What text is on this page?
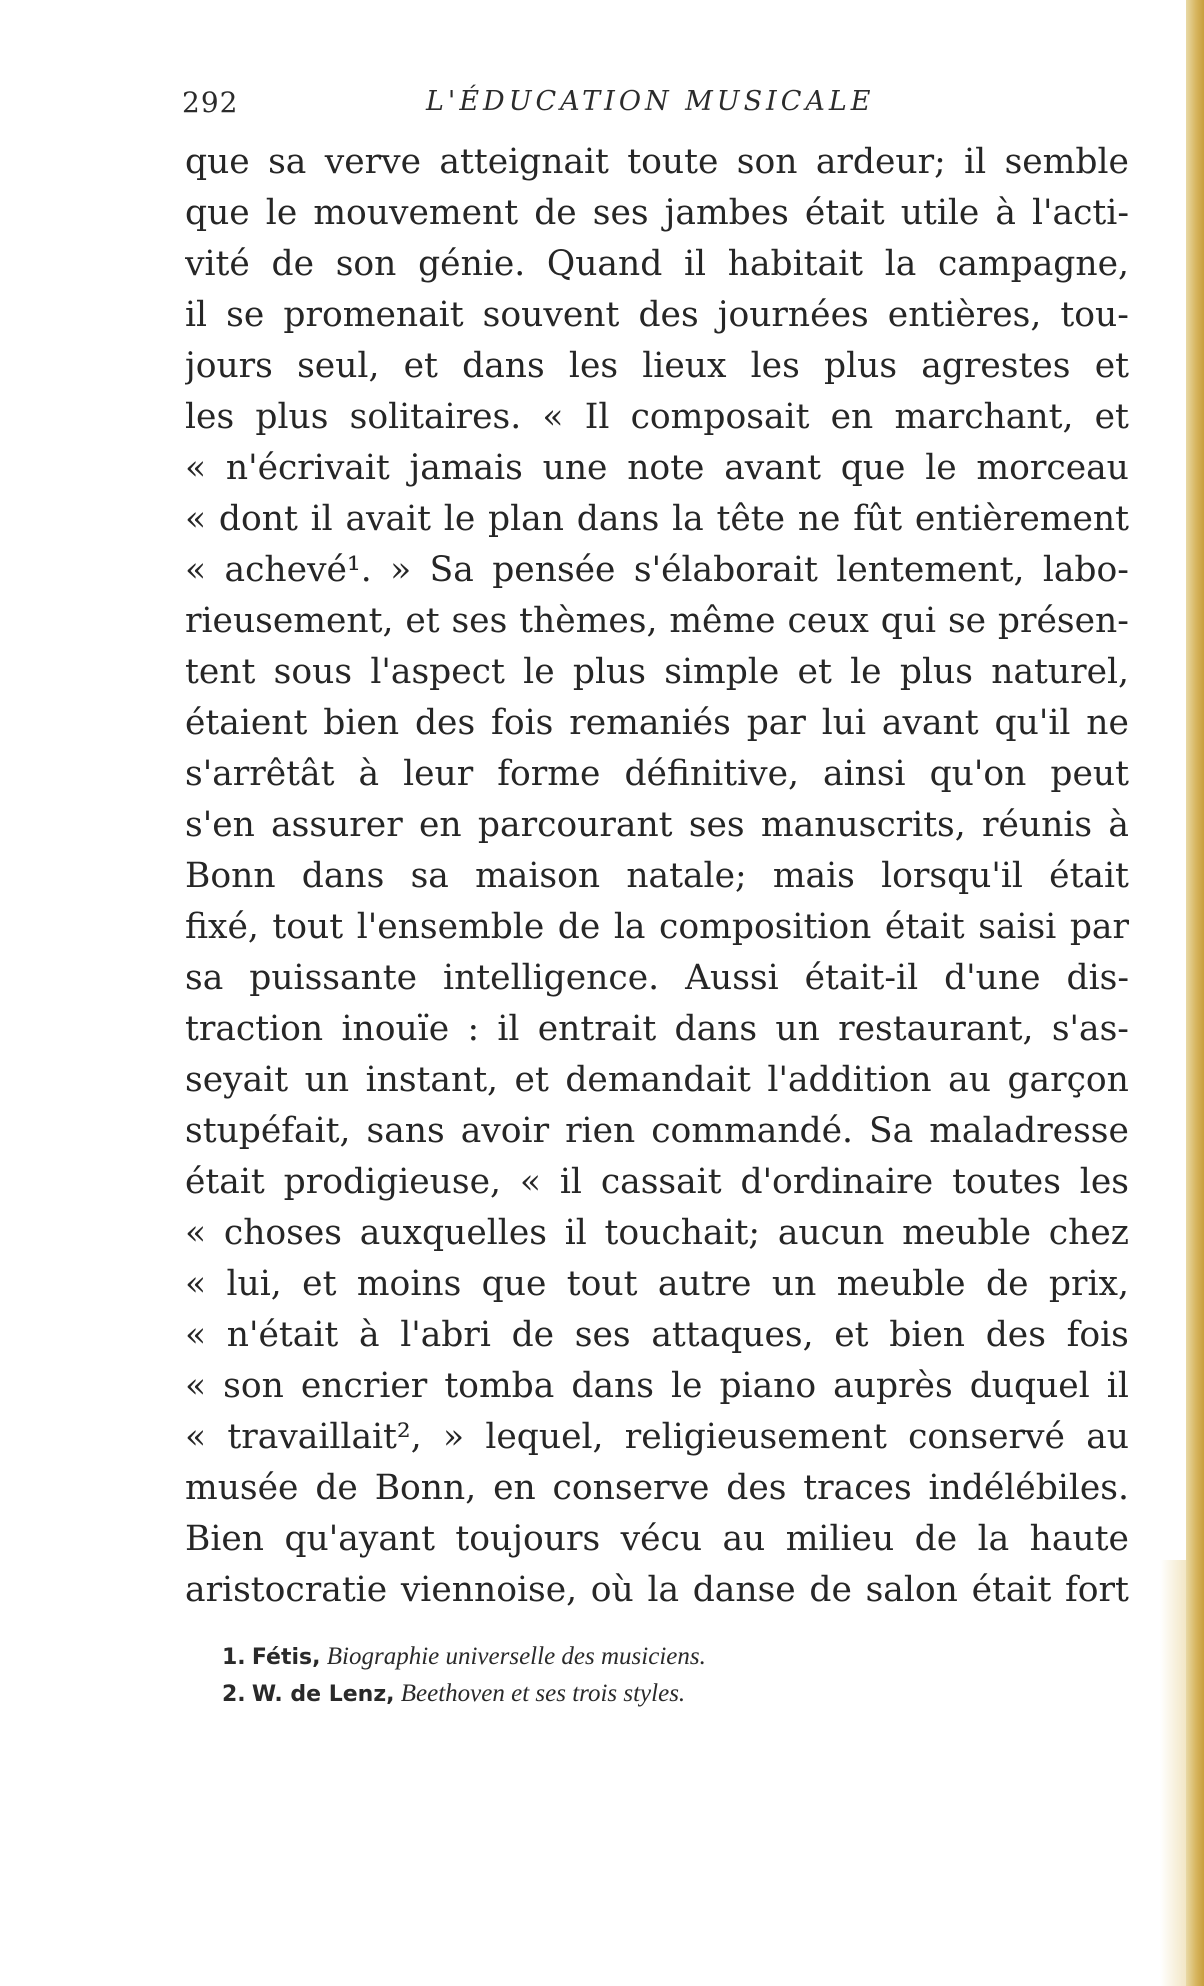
292	L'ÉDUCATION MUSICALE
que sa verve atteignait toute son ardeur; il semble
que le mouvement de ses jambes était utile à l'acti-
vité de son génie. Quand il habitait la campagne,
il se promenait souvent des journées entières, tou-
jours seul, et dans les lieux les plus agrestes et
les plus solitaires. « Il composait en marchant, et
« n'écrivait jamais une note avant que le morceau
« dont il avait le plan dans la tête ne fût entièrement
« achevé¹. » Sa pensée s'élaborait lentement, labo-
rieusement, et ses thèmes, même ceux qui se présen-
tent sous l'aspect le plus simple et le plus naturel,
étaient bien des fois remaniés par lui avant qu'il ne
s'arrêtât à leur forme définitive, ainsi qu'on peut
s'en assurer en parcourant ses manuscrits, réunis à
Bonn dans sa maison natale; mais lorsqu'il était
fixé, tout l'ensemble de la composition était saisi par
sa puissante intelligence. Aussi était-il d'une dis-
traction inouïe : il entrait dans un restaurant, s'as-
seyait un instant, et demandait l'addition au garçon
stupéfait, sans avoir rien commandé. Sa maladresse
était prodigieuse, « il cassait d'ordinaire toutes les
« choses auxquelles il touchait; aucun meuble chez
« lui, et moins que tout autre un meuble de prix,
« n'était à l'abri de ses attaques, et bien des fois
« son encrier tomba dans le piano auprès duquel il
« travaillait², » lequel, religieusement conservé au
musée de Bonn, en conserve des traces indélébiles.
Bien qu'ayant toujours vécu au milieu de la haute
aristocratie viennoise, où la danse de salon était fort
1. Fétis, Biographie universelle des musiciens.
2. W. de Lenz, Beethoven et ses trois styles.
